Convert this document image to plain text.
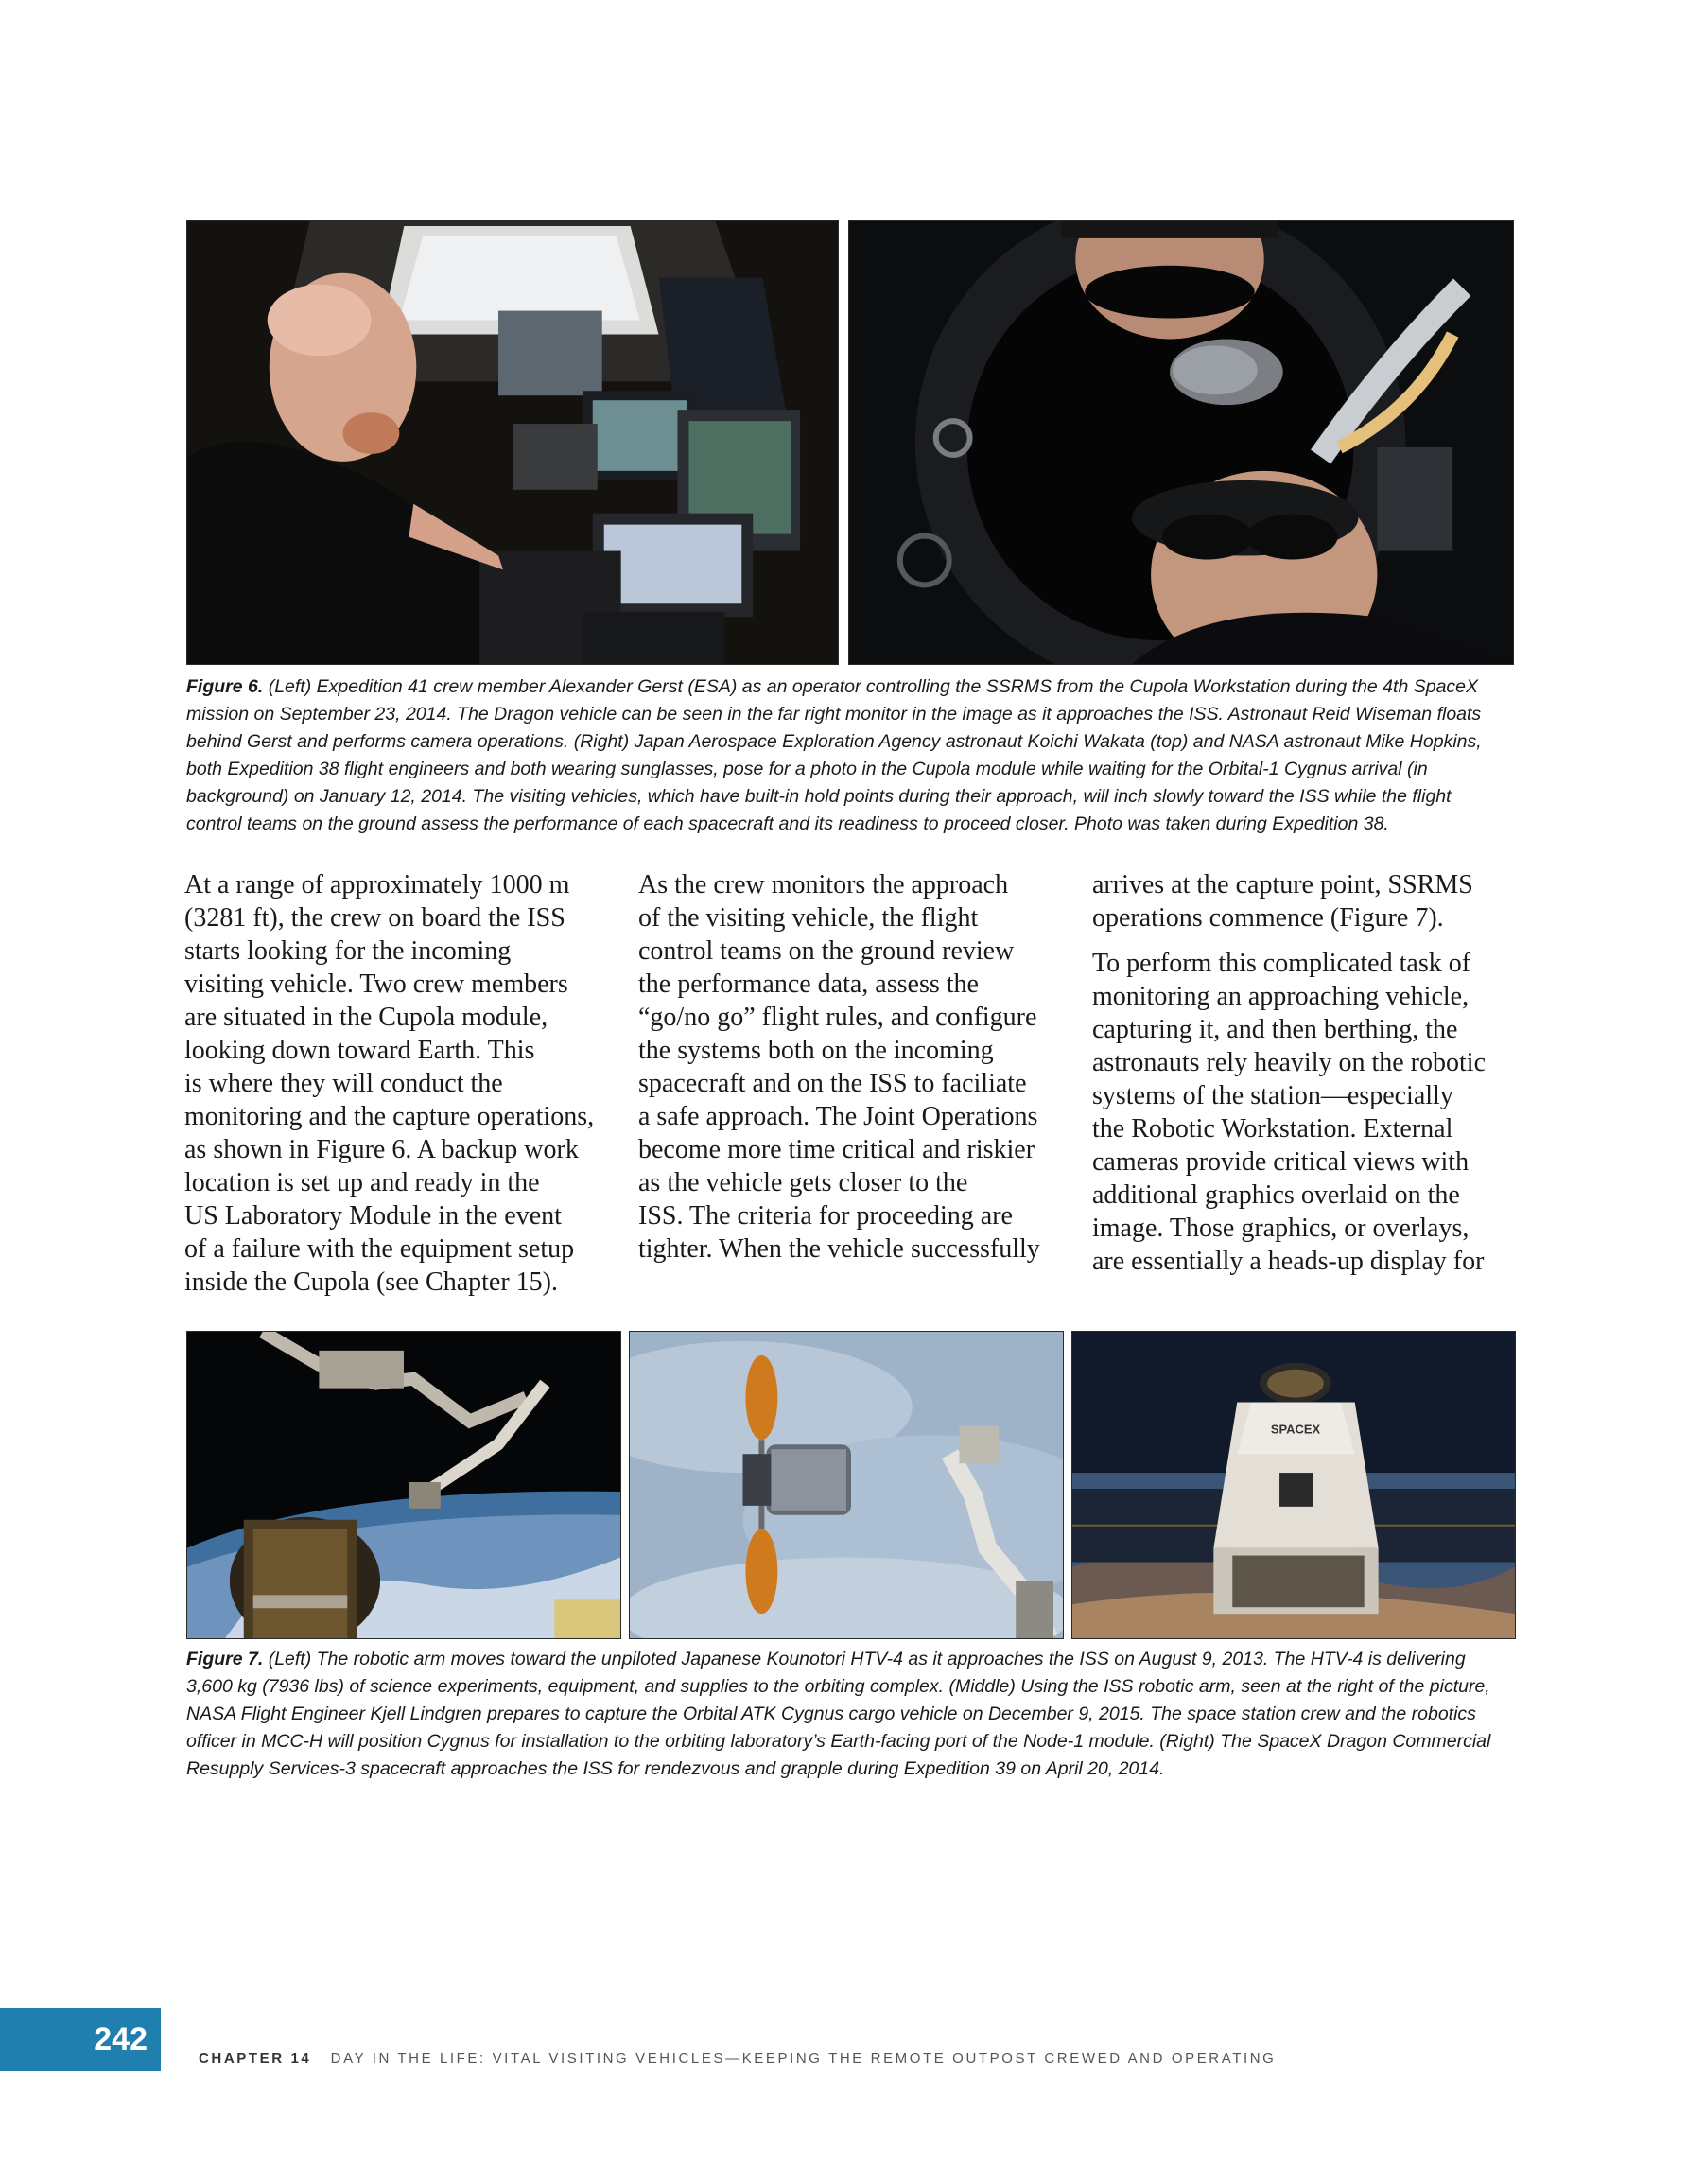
Figure 6. (Left) Expedition 41 crew member Alexander Gerst (ESA) as an operator controlling the SSRMS from the Cupola Workstation during the 4th SpaceX mission on September 23, 2014. The Dragon vehicle can be seen in the far right monitor in the image as it approaches the ISS. Astronaut Reid Wiseman floats behind Gerst and performs camera operations. (Right) Japan Aerospace Exploration Agency astronaut Koichi Wakata (top) and NASA astronaut Mike Hopkins, both Expedition 38 flight engineers and both wearing sunglasses, pose for a photo in the Cupola module while waiting for the Orbital-1 Cygnus arrival (in background) on January 12, 2014. The visiting vehicles, which have built-in hold points during their approach, will inch slowly toward the ISS while the flight control teams on the ground assess the performance of each spacecraft and its readiness to proceed closer. Photo was taken during Expedition 38.

At a range of approximately 1000 m
(3281 ft), the crew on board the ISS
starts looking for the incoming
visiting vehicle. Two crew members
are situated in the Cupola module,
looking down toward Earth. This
is where they will conduct the
monitoring and the capture operations,
as shown in Figure 6. A backup work
location is set up and ready in the
US Laboratory Module in the event
of a failure with the equipment setup
inside the Cupola (see Chapter 15).

As the crew monitors the approach
of the visiting vehicle, the flight
control teams on the ground review
the performance data, assess the
“go/no go” flight rules, and configure
the systems both on the incoming
spacecraft and on the ISS to faciliate
a safe approach. The Joint Operations
become more time critical and riskier
as the vehicle gets closer to the
ISS. The criteria for proceeding are
tighter. When the vehicle successfully

arrives at the capture point, SSRMS
operations commence (Figure 7).

To perform this complicated task of
monitoring an approaching vehicle,
capturing it, and then berthing, the
astronauts rely heavily on the robotic
systems of the station—especially
the Robotic Workstation. External
cameras provide critical views with
additional graphics overlaid on the
image. Those graphics, or overlays,
are essentially a heads-up display for

SPACEX

Figure 7. (Left) The robotic arm moves toward the unpiloted Japanese Kounotori HTV-4 as it approaches the ISS on August 9, 2013. The HTV-4 is delivering 3,600 kg (7936 lbs) of science experiments, equipment, and supplies to the orbiting complex. (Middle) Using the ISS robotic arm, seen at the right of the picture, NASA Flight Engineer Kjell Lindgren prepares to capture the Orbital ATK Cygnus cargo vehicle on December 9, 2015. The space station crew and the robotics officer in MCC-H will position Cygnus for installation to the orbiting laboratory’s Earth-facing port of the Node-1 module. (Right) The SpaceX Dragon Commercial Resupply Services-3 spacecraft approaches the ISS for rendezvous and grapple during Expedition 39 on April 20, 2014.

242
CHAPTER 14 DAY IN THE LIFE: VITAL VISITING VEHICLES—KEEPING THE REMOTE OUTPOST CREWED AND OPERATING
